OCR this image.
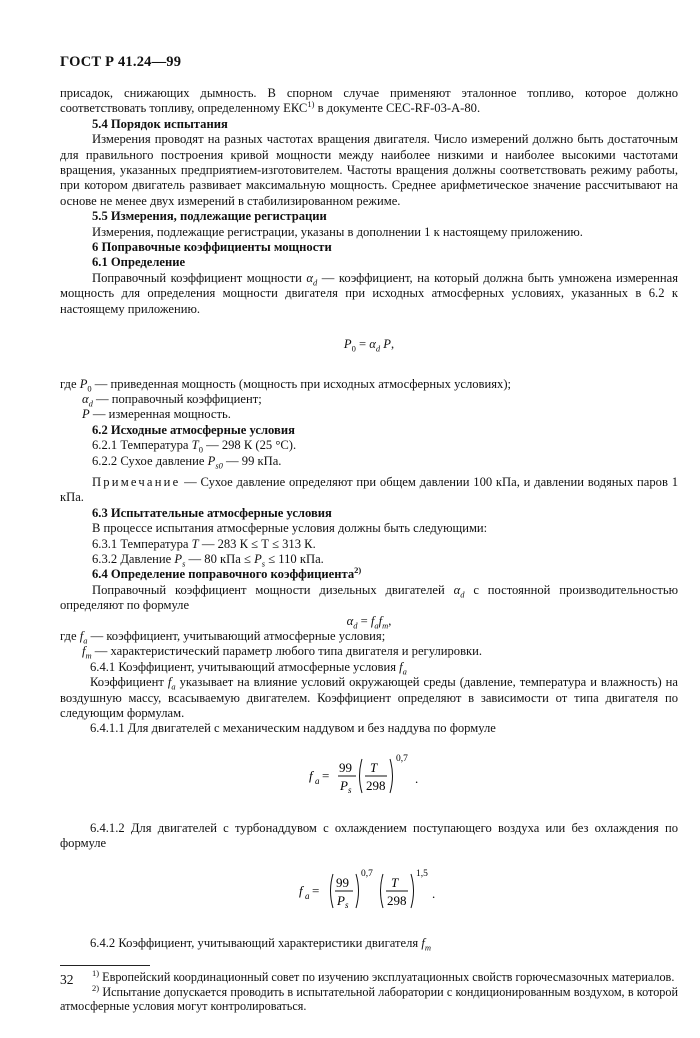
ГОСТ Р 41.24—99

присадок, снижающих дымность. В спорном случае применяют эталонное топливо, которое должно соответствовать топливу, определенному ЕКС$^{1)}$ в документе CEC-RF-03-A-80.

5.4 Порядок испытания

Измерения проводят на разных частотах вращения двигателя. Число измерений должно быть достаточным для правильного построения кривой мощности между наиболее низкими и наиболее высокими частотами вращения, указанных предприятием-изготовителем. Частоты вращения должны соответствовать режиму работы, при котором двигатель развивает максимальную мощность. Среднее арифметическое значение рассчитывают на основе не менее двух измерений в стабилизированном режиме.

5.5 Измерения, подлежащие регистрации

Измерения, подлежащие регистрации, указаны в дополнении 1 к настоящему приложению.

6 Поправочные коэффициенты мощности

6.1 Определение

Поправочный коэффициент мощности $\alpha_d$ — коэффициент, на который должна быть умножена измеренная мощность для определения мощности двигателя при исходных атмосферных условиях, указанных в 6.2 к настоящему приложению.

$P_0 = \alpha_d$ P,

где $P_0$ — приведенная мощность (мощность при исходных атмосферных условиях);

$\alpha_d$ — поправочный коэффициент;

P — измеренная мощность.

6.2 Исходные атмосферные условия

6.2.1 Температура $T_0$ — 298 К (25 °С).

6.2.2 Сухое давление $P_{s0}$ — 99 кПа.

Примечание — Сухое давление определяют при общем давлении 100 кПа, и давлении водяных паров 1 кПа.

6.3 Испытательные атмосферные условия

В процессе испытания атмосферные условия должны быть следующими:

6.3.1 Температура T — 283 К ≤ Т ≤ 313 К.

6.3.2 Давление $P_s$ — 80 кПа ≤ $P_s \le 110$ кПа.

6.4 Определение поправочного коэффициента$^{2)}$

Поправочный коэффициент мощности дизельных двигателей $\alpha_d$ с постоянной производительностью определяют по формуле

$\alpha_d = f_af_m$,

где $f_a$ — коэффициент, учитывающий атмосферные условия;

$f_m$ — характеристический параметр любого типа двигателя и регулировки.

6.4.1 Коэффициент, учитывающий атмосферные условия $f_a$

Коэффициент $f_a$ указывает на влияние условий окружающей среды (давление, температура и влажность) на воздушную массу, всасываемую двигателем. Коэффициент определяют в зависимости от типа двигателя по следующим формулам.

6.4.1.1 Для двигателей с механическим наддувом и без наддува по формуле

f a =
99
P s
T
298
0,7
.

6.4.1.2 Для двигателей с турбонаддувом с охлаждением поступающего воздуха или без охлаждения по формуле

f a =
99
P s
0,7
T
298
1,5
.

6.4.2 Коэффициент, учитывающий характеристики двигателя $f_m$

$^{1)}$ Европейский координационный совет по изучению эксплуатационных свойств горючесмазочных материалов.

$^{2)}$ Испытание допускается проводить в испытательной лаборатории с кондиционированным воздухом, в которой атмосферные условия могут контролироваться.

32
